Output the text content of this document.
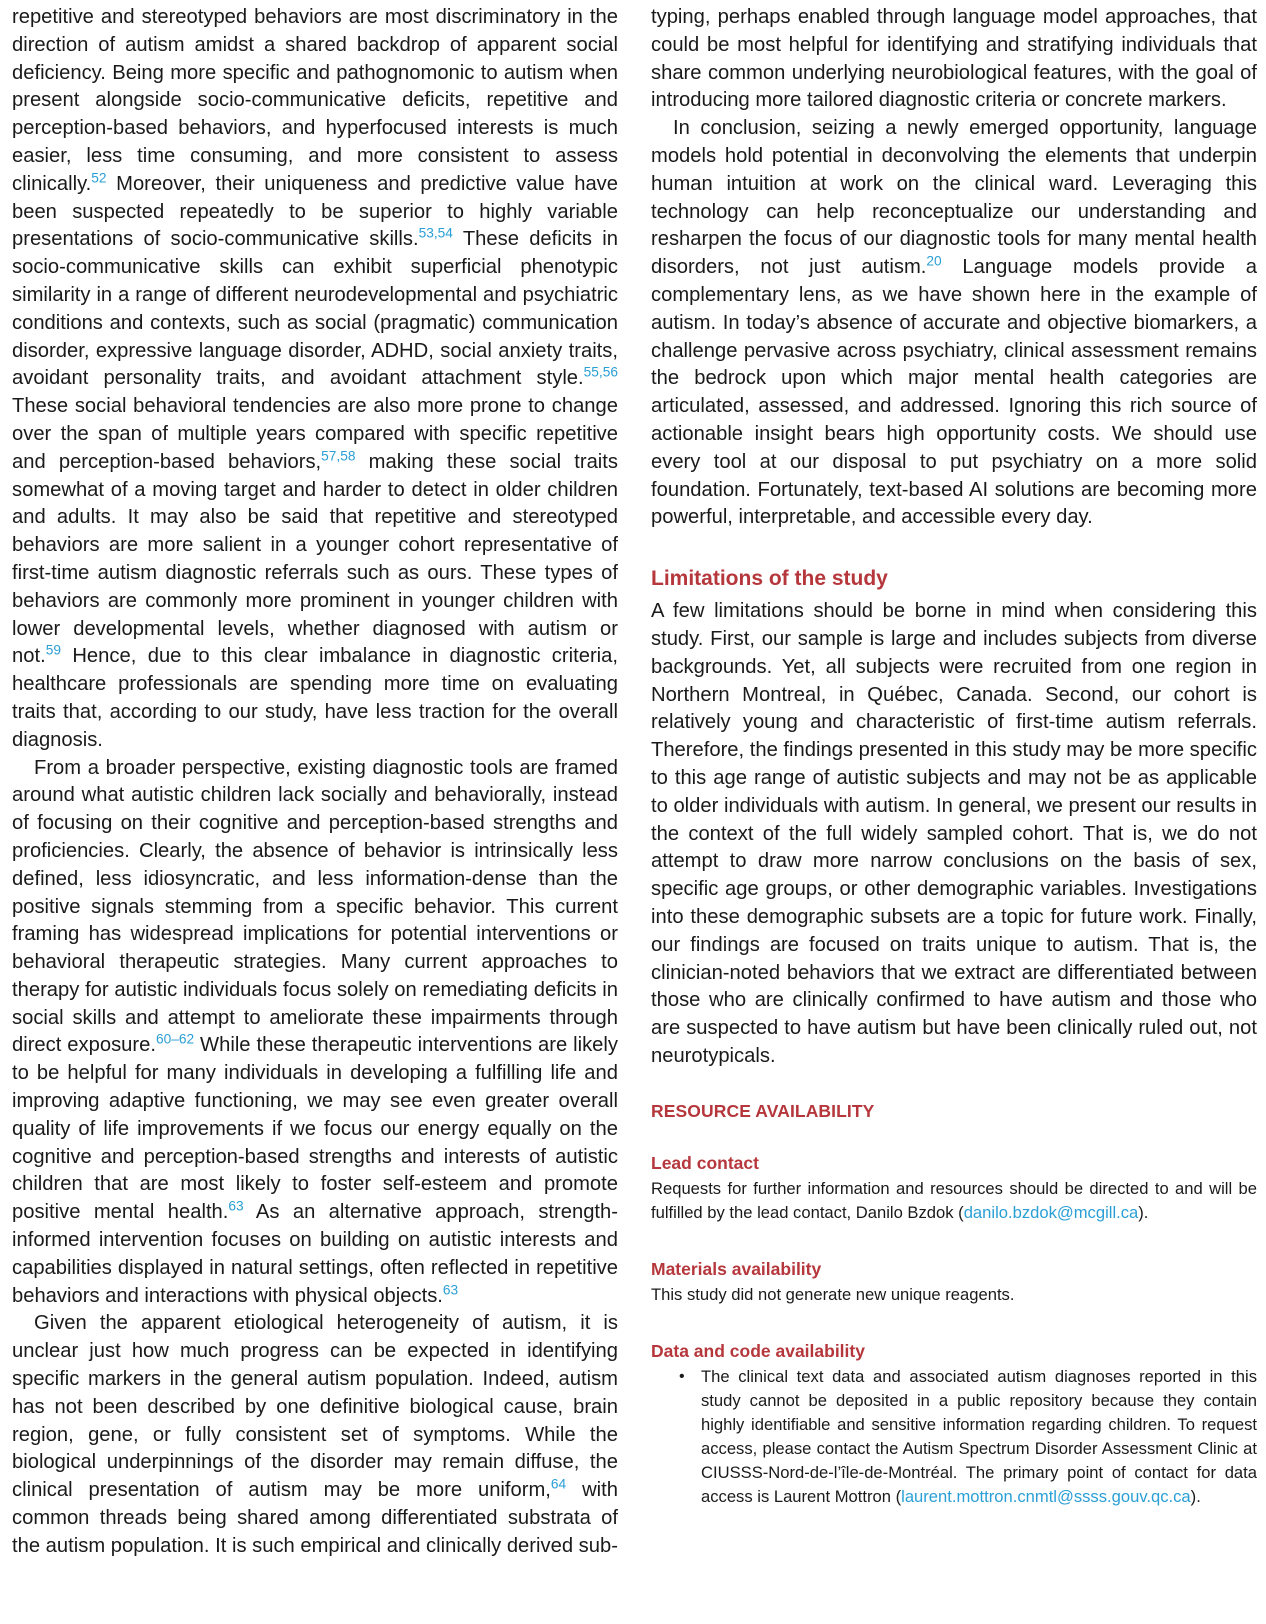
repetitive and stereotyped behaviors are most discriminatory in the direction of autism amidst a shared backdrop of apparent social deficiency. Being more specific and pathognomonic to autism when present alongside socio-communicative deficits, repetitive and perception-based behaviors, and hyperfocused interests is much easier, less time consuming, and more consistent to assess clinically.$^{52}$ Moreover, their uniqueness and predictive value have been suspected repeatedly to be superior to highly variable presentations of socio-communicative skills.$^{53,54}$ These deficits in socio-communicative skills can exhibit superficial phenotypic similarity in a range of different neurodevelopmental and psychiatric conditions and contexts, such as social (pragmatic) communication disorder, expressive language disorder, ADHD, social anxiety traits, avoidant personality traits, and avoidant attachment style.$^{55,56}$ These social behavioral tendencies are also more prone to change over the span of multiple years compared with specific repetitive and perception-based behaviors,$^{57,58}$ making these social traits somewhat of a moving target and harder to detect in older children and adults. It may also be said that repetitive and stereotyped behaviors are more salient in a younger cohort representative of first-time autism diagnostic referrals such as ours. These types of behaviors are commonly more prominent in younger children with lower developmental levels, whether diagnosed with autism or not.$^{59}$ Hence, due to this clear imbalance in diagnostic criteria, healthcare professionals are spending more time on evaluating traits that, according to our study, have less traction for the overall diagnosis.

From a broader perspective, existing diagnostic tools are framed around what autistic children lack socially and behaviorally, instead of focusing on their cognitive and perception-based strengths and proficiencies. Clearly, the absence of behavior is intrinsically less defined, less idiosyncratic, and less information-dense than the positive signals stemming from a specific behavior. This current framing has widespread implications for potential interventions or behavioral therapeutic strategies. Many current approaches to therapy for autistic individuals focus solely on remediating deficits in social skills and attempt to ameliorate these impairments through direct exposure.$^{60-62}$ While these therapeutic interventions are likely to be helpful for many individuals in developing a fulfilling life and improving adaptive functioning, we may see even greater overall quality of life improvements if we focus our energy equally on the cognitive and perception-based strengths and interests of autistic children that are most likely to foster self-esteem and promote positive mental health.$^{63}$ As an alternative approach, strength-informed intervention focuses on building on autistic interests and capabilities displayed in natural settings, often reflected in repetitive behaviors and interactions with physical objects.$^{63}$

Given the apparent etiological heterogeneity of autism, it is unclear just how much progress can be expected in identifying specific markers in the general autism population. Indeed, autism has not been described by one definitive biological cause, brain region, gene, or fully consistent set of symptoms. While the biological underpinnings of the disorder may remain diffuse, the clinical presentation of autism may be more uniform,$^{64}$ with common threads being shared among differentiated substrata of the autism population. It is such empirical and clinically derived sub-

typing, perhaps enabled through language model approaches, that could be most helpful for identifying and stratifying individuals that share common underlying neurobiological features, with the goal of introducing more tailored diagnostic criteria or concrete markers.

In conclusion, seizing a newly emerged opportunity, language models hold potential in deconvolving the elements that underpin human intuition at work on the clinical ward. Leveraging this technology can help reconceptualize our understanding and resharpen the focus of our diagnostic tools for many mental health disorders, not just autism.$^{20}$ Language models provide a complementary lens, as we have shown here in the example of autism. In today’s absence of accurate and objective biomarkers, a challenge pervasive across psychiatry, clinical assessment remains the bedrock upon which major mental health categories are articulated, assessed, and addressed. Ignoring this rich source of actionable insight bears high opportunity costs. We should use every tool at our disposal to put psychiatry on a more solid foundation. Fortunately, text-based AI solutions are becoming more powerful, interpretable, and accessible every day.

Limitations of the study

A few limitations should be borne in mind when considering this study. First, our sample is large and includes subjects from diverse backgrounds. Yet, all subjects were recruited from one region in Northern Montreal, in Québec, Canada. Second, our cohort is relatively young and characteristic of first-time autism referrals. Therefore, the findings presented in this study may be more specific to this age range of autistic subjects and may not be as applicable to older individuals with autism. In general, we present our results in the context of the full widely sampled cohort. That is, we do not attempt to draw more narrow conclusions on the basis of sex, specific age groups, or other demographic variables. Investigations into these demographic subsets are a topic for future work. Finally, our findings are focused on traits unique to autism. That is, the clinician-noted behaviors that we extract are differentiated between those who are clinically confirmed to have autism and those who are suspected to have autism but have been clinically ruled out, not neurotypicals.

RESOURCE AVAILABILITY
Lead contact

Requests for further information and resources should be directed to and will be fulfilled by the lead contact, Danilo Bzdok (danilo.bzdok@mcgill.ca).

Materials availability

This study did not generate new unique reagents.

Data and code availability
• The clinical text data and associated autism diagnoses reported in this study cannot be deposited in a public repository because they contain highly identifiable and sensitive information regarding children. To request access, please contact the Autism Spectrum Disorder Assessment Clinic at CIUSSS-Nord-de-l’île-de-Montréal. The primary point of contact for data access is Laurent Mottron (laurent.mottron.cnmtl@ssss.gouv.qc.ca).
